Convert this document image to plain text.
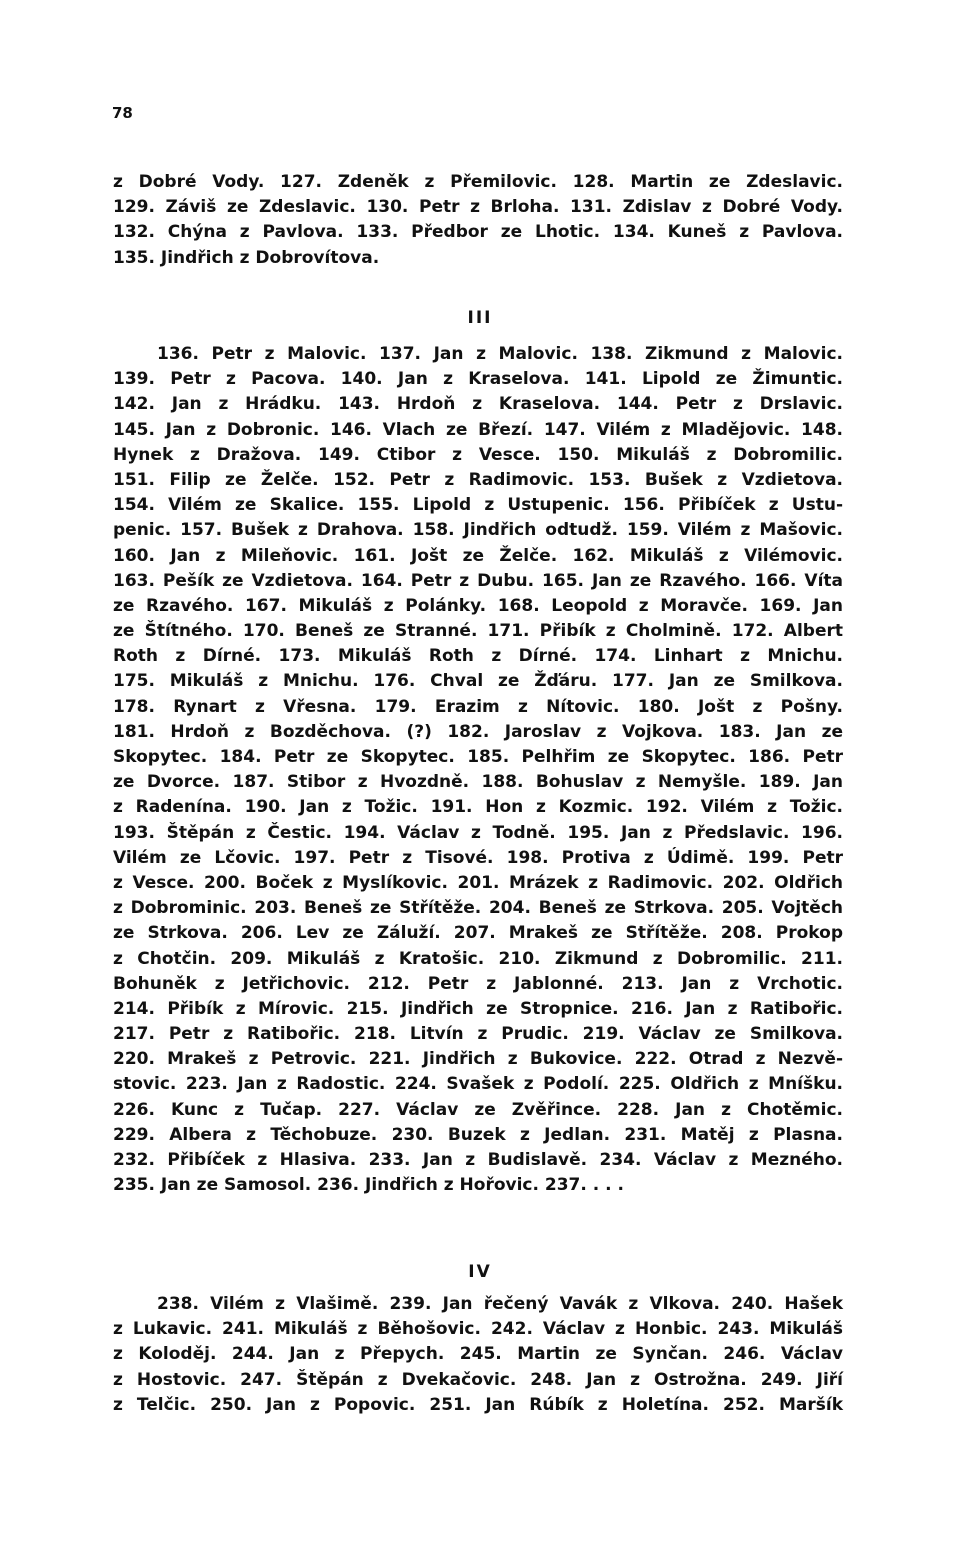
78
z Dobré Vody. 127. Zdeněk z Přemilovic. 128. Martin ze Zdeslavic.
129. Záviš ze Zdeslavic. 130. Petr z Brloha. 131. Zdislav z Dobré Vody.
132. Chýna z Pavlova. 133. Předbor ze Lhotic. 134. Kuneš z Pavlova.
135. Jindřich z Dobrovítova.
III
136. Petr z Malovic. 137. Jan z Malovic. 138. Zikmund z Malovic.
139. Petr z Pacova. 140. Jan z Kraselova. 141. Lipold ze Žimuntic.
142. Jan z Hrádku. 143. Hrdoň z Kraselova. 144. Petr z Drslavic.
145. Jan z Dobronic. 146. Vlach ze Březí. 147. Vilém z Mladějovic. 148.
Hynek z Dražova. 149. Ctibor z Vesce. 150. Mikuláš z Dobromilic.
151. Filip ze Želče. 152. Petr z Radimovic. 153. Bušek z Vzdietova.
154. Vilém ze Skalice. 155. Lipold z Ustupenic. 156. Přibíček z Ustu-
penic. 157. Bušek z Drahova. 158. Jindřich odtudž. 159. Vilém z Mašovic.
160. Jan z Mileňovic. 161. Jošt ze Želče. 162. Mikuláš z Vilémovic.
163. Pešík ze Vzdietova. 164. Petr z Dubu. 165. Jan ze Rzavého. 166. Víta
ze Rzavého. 167. Mikuláš z Polánky. 168. Leopold z Moravče. 169. Jan
ze Štítného. 170. Beneš ze Stranné. 171. Přibík z Cholmině. 172. Albert
Roth z Dírné. 173. Mikuláš Roth z Dírné. 174. Linhart z Mnichu.
175. Mikuláš z Mnichu. 176. Chval ze Žďáru. 177. Jan ze Smilkova.
178. Rynart z Vřesna. 179. Erazim z Nítovic. 180. Jošt z Pošny.
181. Hrdoň z Bozděchova. (?) 182. Jaroslav z Vojkova. 183. Jan ze
Skopytec. 184. Petr ze Skopytec. 185. Pelhřim ze Skopytec. 186. Petr
ze Dvorce. 187. Stibor z Hvozdně. 188. Bohuslav z Nemyšle. 189. Jan
z Radenína. 190. Jan z Tožic. 191. Hon z Kozmic. 192. Vilém z Tožic.
193. Štěpán z Čestic. 194. Václav z Todně. 195. Jan z Předslavic. 196.
Vilém ze Lčovic. 197. Petr z Tisové. 198. Protiva z Údimě. 199. Petr
z Vesce. 200. Boček z Myslíkovic. 201. Mrázek z Radimovic. 202. Oldřich
z Dobrominic. 203. Beneš ze Střítěže. 204. Beneš ze Strkova. 205. Vojtěch
ze Strkova. 206. Lev ze Záluží. 207. Mrakeš ze Střítěže. 208. Prokop
z Chotčin. 209. Mikuláš z Kratošic. 210. Zikmund z Dobromilic. 211.
Bohuněk z Jetřichovic. 212. Petr z Jablonné. 213. Jan z Vrchotic.
214. Přibík z Mírovic. 215. Jindřich ze Stropnice. 216. Jan z Ratibořic.
217. Petr z Ratibořic. 218. Litvín z Prudic. 219. Václav ze Smilkova.
220. Mrakeš z Petrovic. 221. Jindřich z Bukovice. 222. Otrad z Nezvě-
stovic. 223. Jan z Radostic. 224. Svašek z Podolí. 225. Oldřich z Mníšku.
226. Kunc z Tučap. 227. Václav ze Zvěřince. 228. Jan z Chotěmic.
229. Albera z Těchobuze. 230. Buzek z Jedlan. 231. Matěj z Plasna.
232. Přibíček z Hlasiva. 233. Jan z Budislavě. 234. Václav z Mezného.
235. Jan ze Samosol. 236. Jindřich z Hořovic. 237. . . .
IV
238. Vilém z Vlašimě. 239. Jan řečený Vavák z Vlkova. 240. Hašek
z Lukavic. 241. Mikuláš z Běhošovic. 242. Václav z Honbic. 243. Mikuláš
z Koloděj. 244. Jan z Přepych. 245. Martin ze Synčan. 246. Václav
z Hostovic. 247. Štěpán z Dvekačovic. 248. Jan z Ostrožna. 249. Jiří
z Telčic. 250. Jan z Popovic. 251. Jan Rúbík z Holetína. 252. Maršík
